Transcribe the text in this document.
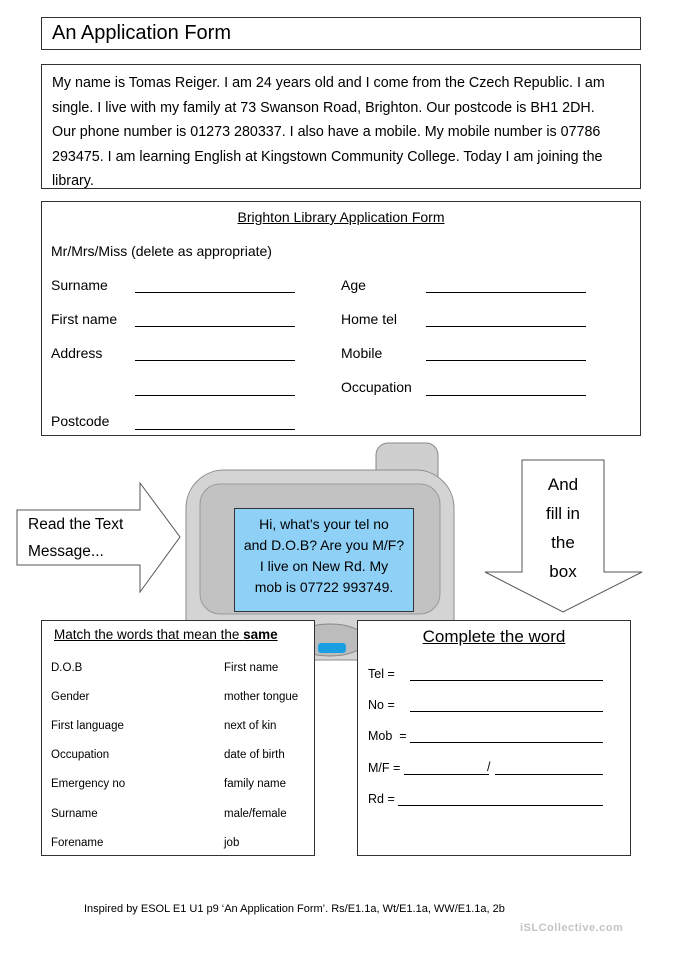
An Application Form
My name is Tomas Reiger. I am 24 years old and I come from the Czech Republic. I am
single. I live with my family at 73 Swanson Road, Brighton. Our postcode is BH1 2DH.
Our phone number is 01273 280337. I also have a mobile. My mobile number is 07786
293475. I am learning English at Kingstown Community College. Today I am joining the
library.
Brighton Library Application Form
Mr/Mrs/Miss (delete as appropriate)
Surname
First name
Address
Postcode
Age
Home tel
Mobile
Occupation
Read the Text
Message...
And
fill in
the
box
Hi, what’s your tel no
and D.O.B? Are you M/F?
I live on New Rd. My
mob is 07722 993749.
Match the words that mean the same
D.O.B
Gender
First language
Occupation
Emergency no
Surname
Forename
First name
mother tongue
next of kin
date of birth
family name
male/female
job
Complete the word
Tel =
No =
Mob  =
M/F =	/
Rd =
Inspired by ESOL E1 U1 p9 ‘An Application Form’. Rs/E1.1a, Wt/E1.1a, WW/E1.1a, 2b
iSLCollective.com
